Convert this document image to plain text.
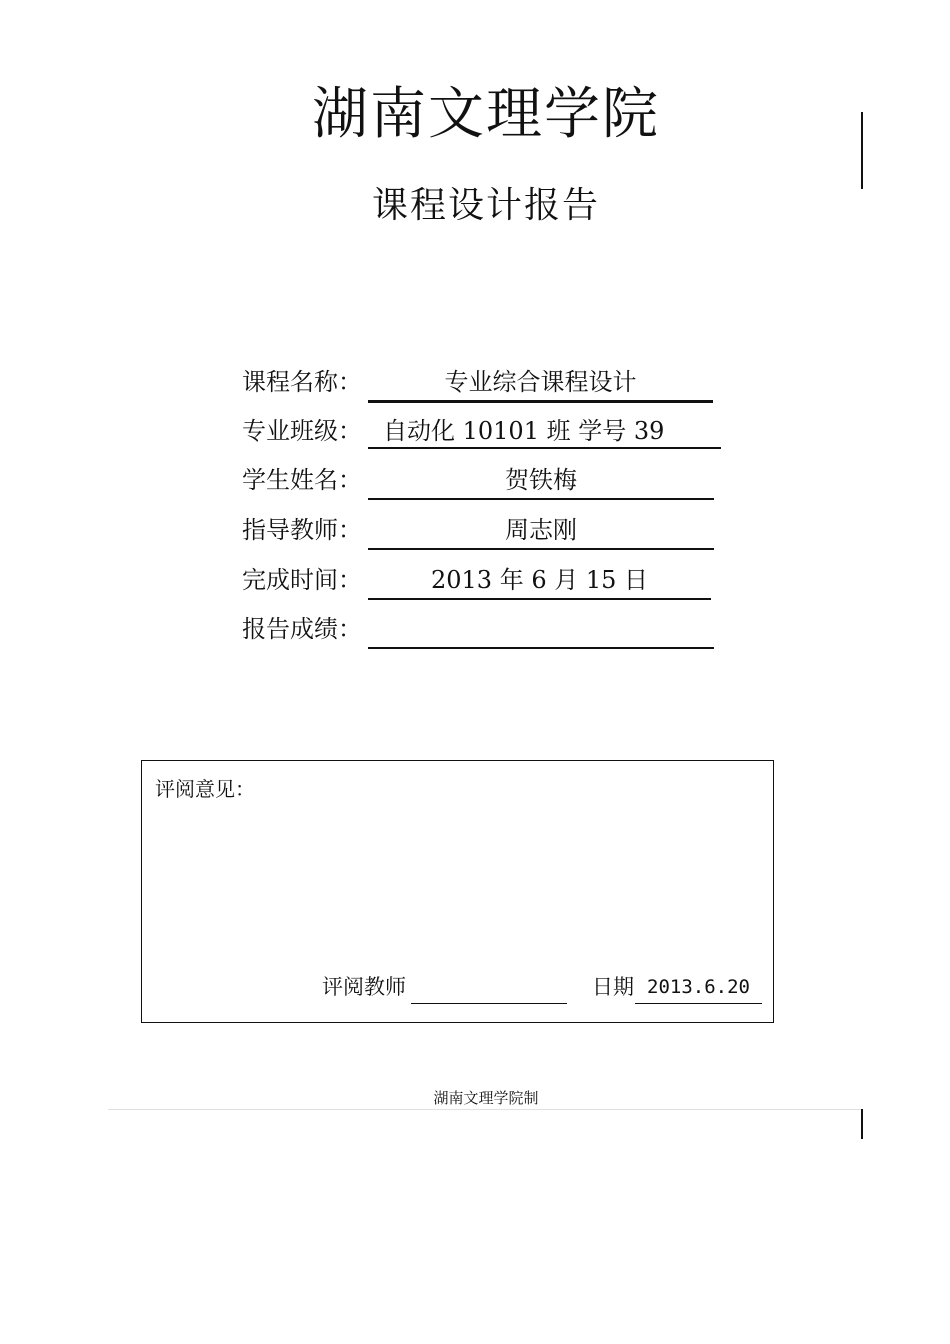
湖南文理学院
课程设计报告
课程名称：	专业综合课程设计
专业班级： 自动化 10101 班 学号 39
学生姓名：	贺铁梅
指导教师：	周志刚
完成时间：	2013 年 6 月 15 日
报告成绩：
评阅意见：
评阅教师	日期 2013.6.20
湖南文理学院制
